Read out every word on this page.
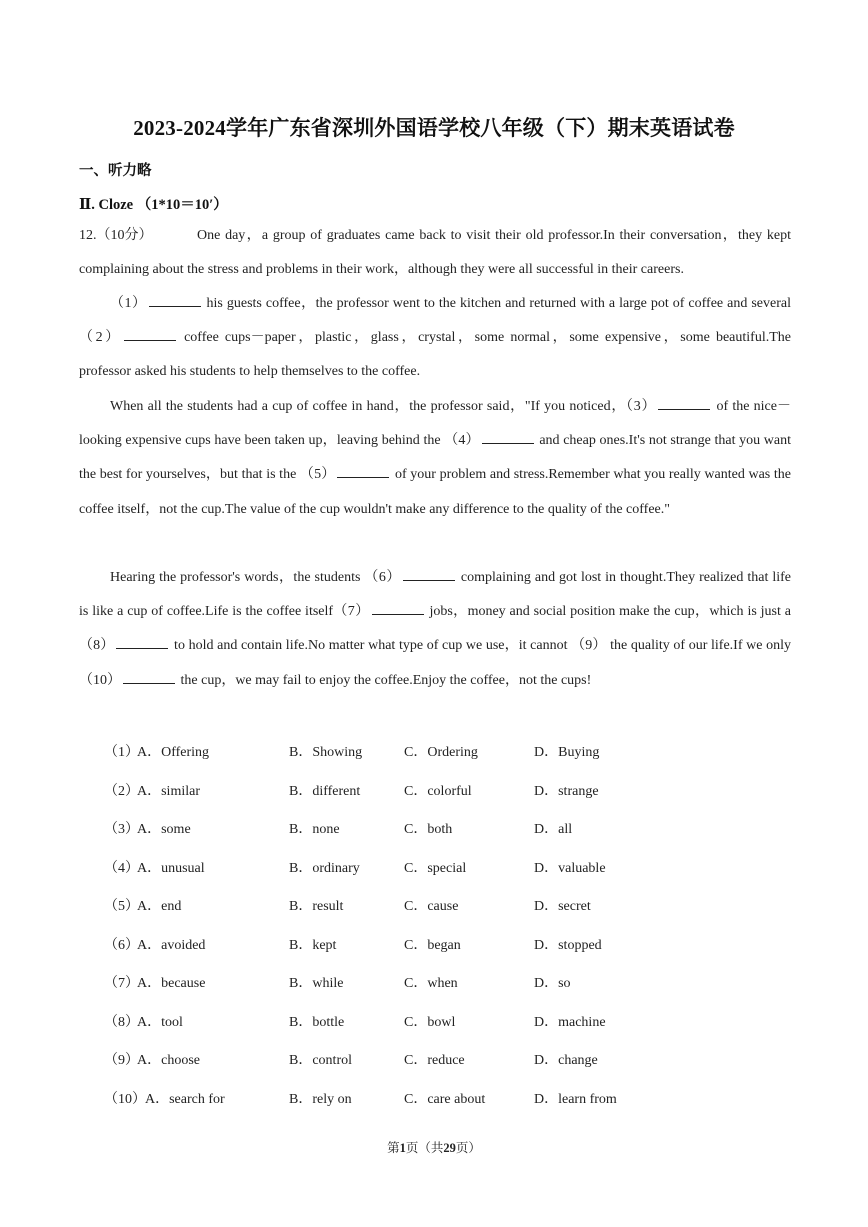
2023-2024学年广东省深圳外国语学校八年级（下）期末英语试卷
一、听力略
Ⅱ. Cloze （1*10＝10′）
12.（10分）	One day，a group of graduates came back to visit their old professor.In their conversation，they kept complaining about the stress and problems in their work，although they were all successful in their careers.
（1）	his guests coffee，the professor went to the kitchen and returned with a large pot of coffee and several （2）	coffee cups－paper，plastic，glass，crystal，some normal，some expensive，some beautiful.The professor asked his students to help themselves to the coffee.
When all the students had a cup of coffee in hand，the professor said，"If you noticed，（3）	of the nice－looking expensive cups have been taken up，leaving behind the （4）	and cheap ones.It's not strange that you want the best for yourselves，but that is the （5）	of your problem and stress.Remember what you really wanted was the coffee itself，not the cup.The value of the cup wouldn't make any difference to the quality of the coffee."
Hearing the professor's words，the students （6）	complaining and got lost in thought.They realized that life is like a cup of coffee.Life is the coffee itself（7）	jobs，money and social position make the cup，which is just a （8）	to hold and contain life.No matter what type of cup we use，it cannot （9） the quality of our life.If we only （10）	the cup，we may fail to enjoy the coffee.Enjoy the coffee，not the cups!
（1）
A．Offering	B．Showing	C．Ordering	D．Buying
（2）
A．similar	B．different	C．colorful	D．strange
（3）
A．some	B．none	C．both	D．all
（4）
A．unusual	B．ordinary	C．special	D．valuable
（5）
A．end	B．result	C．cause	D．secret
（6）
A．avoided	B．kept	C．began	D．stopped
（7）
A．because	B．while	C．when	D．so
（8）
A．tool	B．bottle	C．bowl	D．machine
（9）
A．choose	B．control	C．reduce	D．change
（10） A．search for	B．rely on	C．care about	D．learn from
第1页（共29页）
